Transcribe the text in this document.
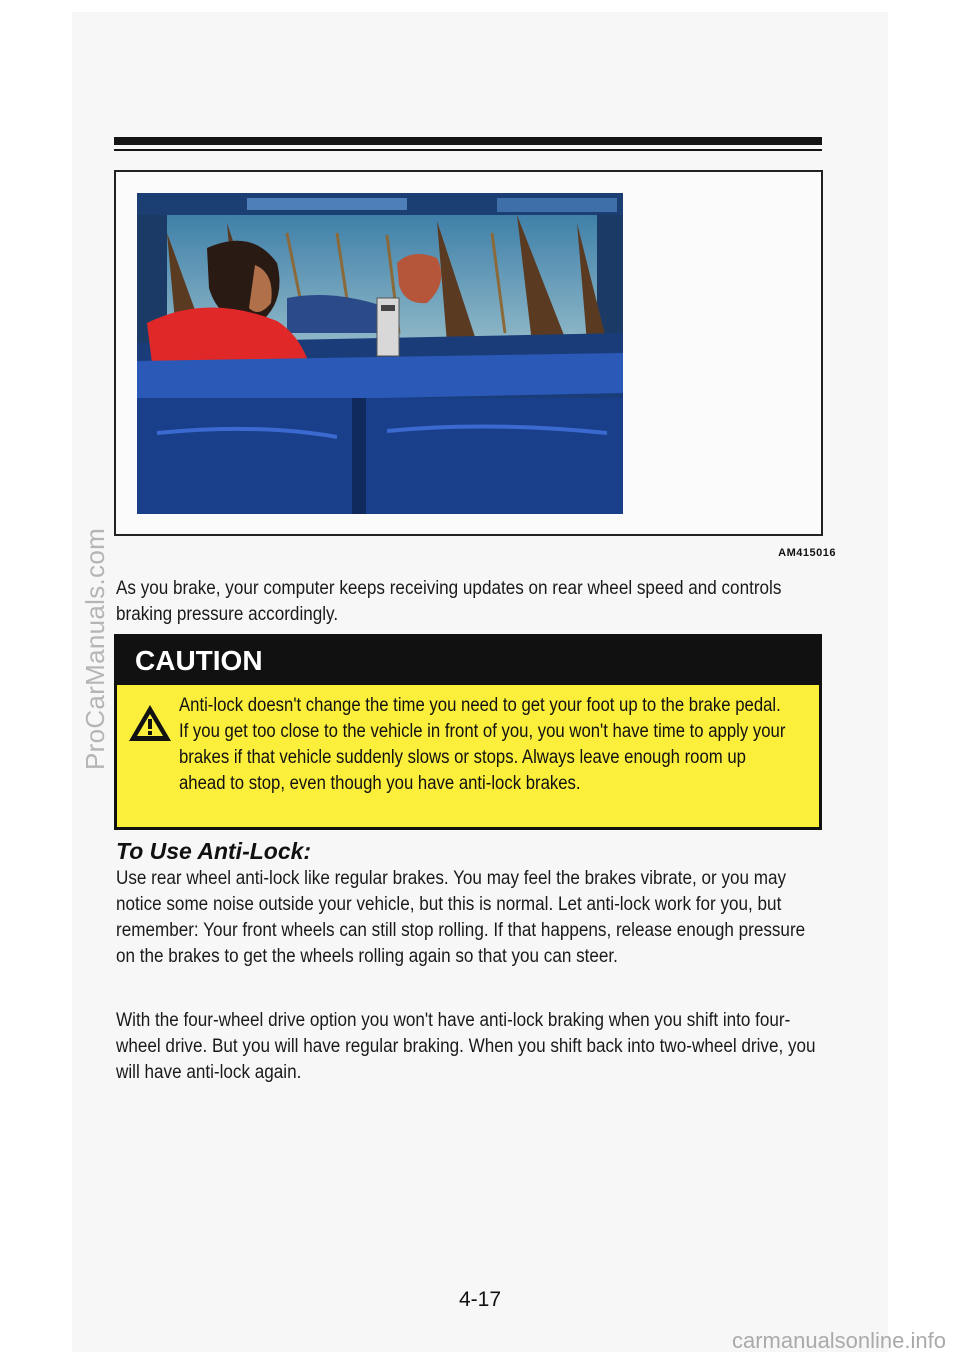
AM415016

As you brake, your computer keeps receiving updates on rear wheel speed and controls braking pressure accordingly.

CAUTION

Anti-lock doesn't change the time you need to get your foot up to the brake pedal. If you get too close to the vehicle in front of you, you won't have time to apply your brakes if that vehicle suddenly slows or stops. Always leave enough room up ahead to stop, even though you have anti-lock brakes.

To Use Anti-Lock:

Use rear wheel anti-lock like regular brakes. You may feel the brakes vibrate, or you may notice some noise outside your vehicle, but this is normal. Let anti-lock work for you, but remember: Your front wheels can still stop rolling. If that happens, release enough pressure on the brakes to get the wheels rolling again so that you can steer.

With the four-wheel drive option you won't have anti-lock braking when you shift into four-wheel drive. But you will have regular braking. When you shift back into two-wheel drive, you will have anti-lock again.

4-17
ProCarManuals.com
carmanualsonline.info
